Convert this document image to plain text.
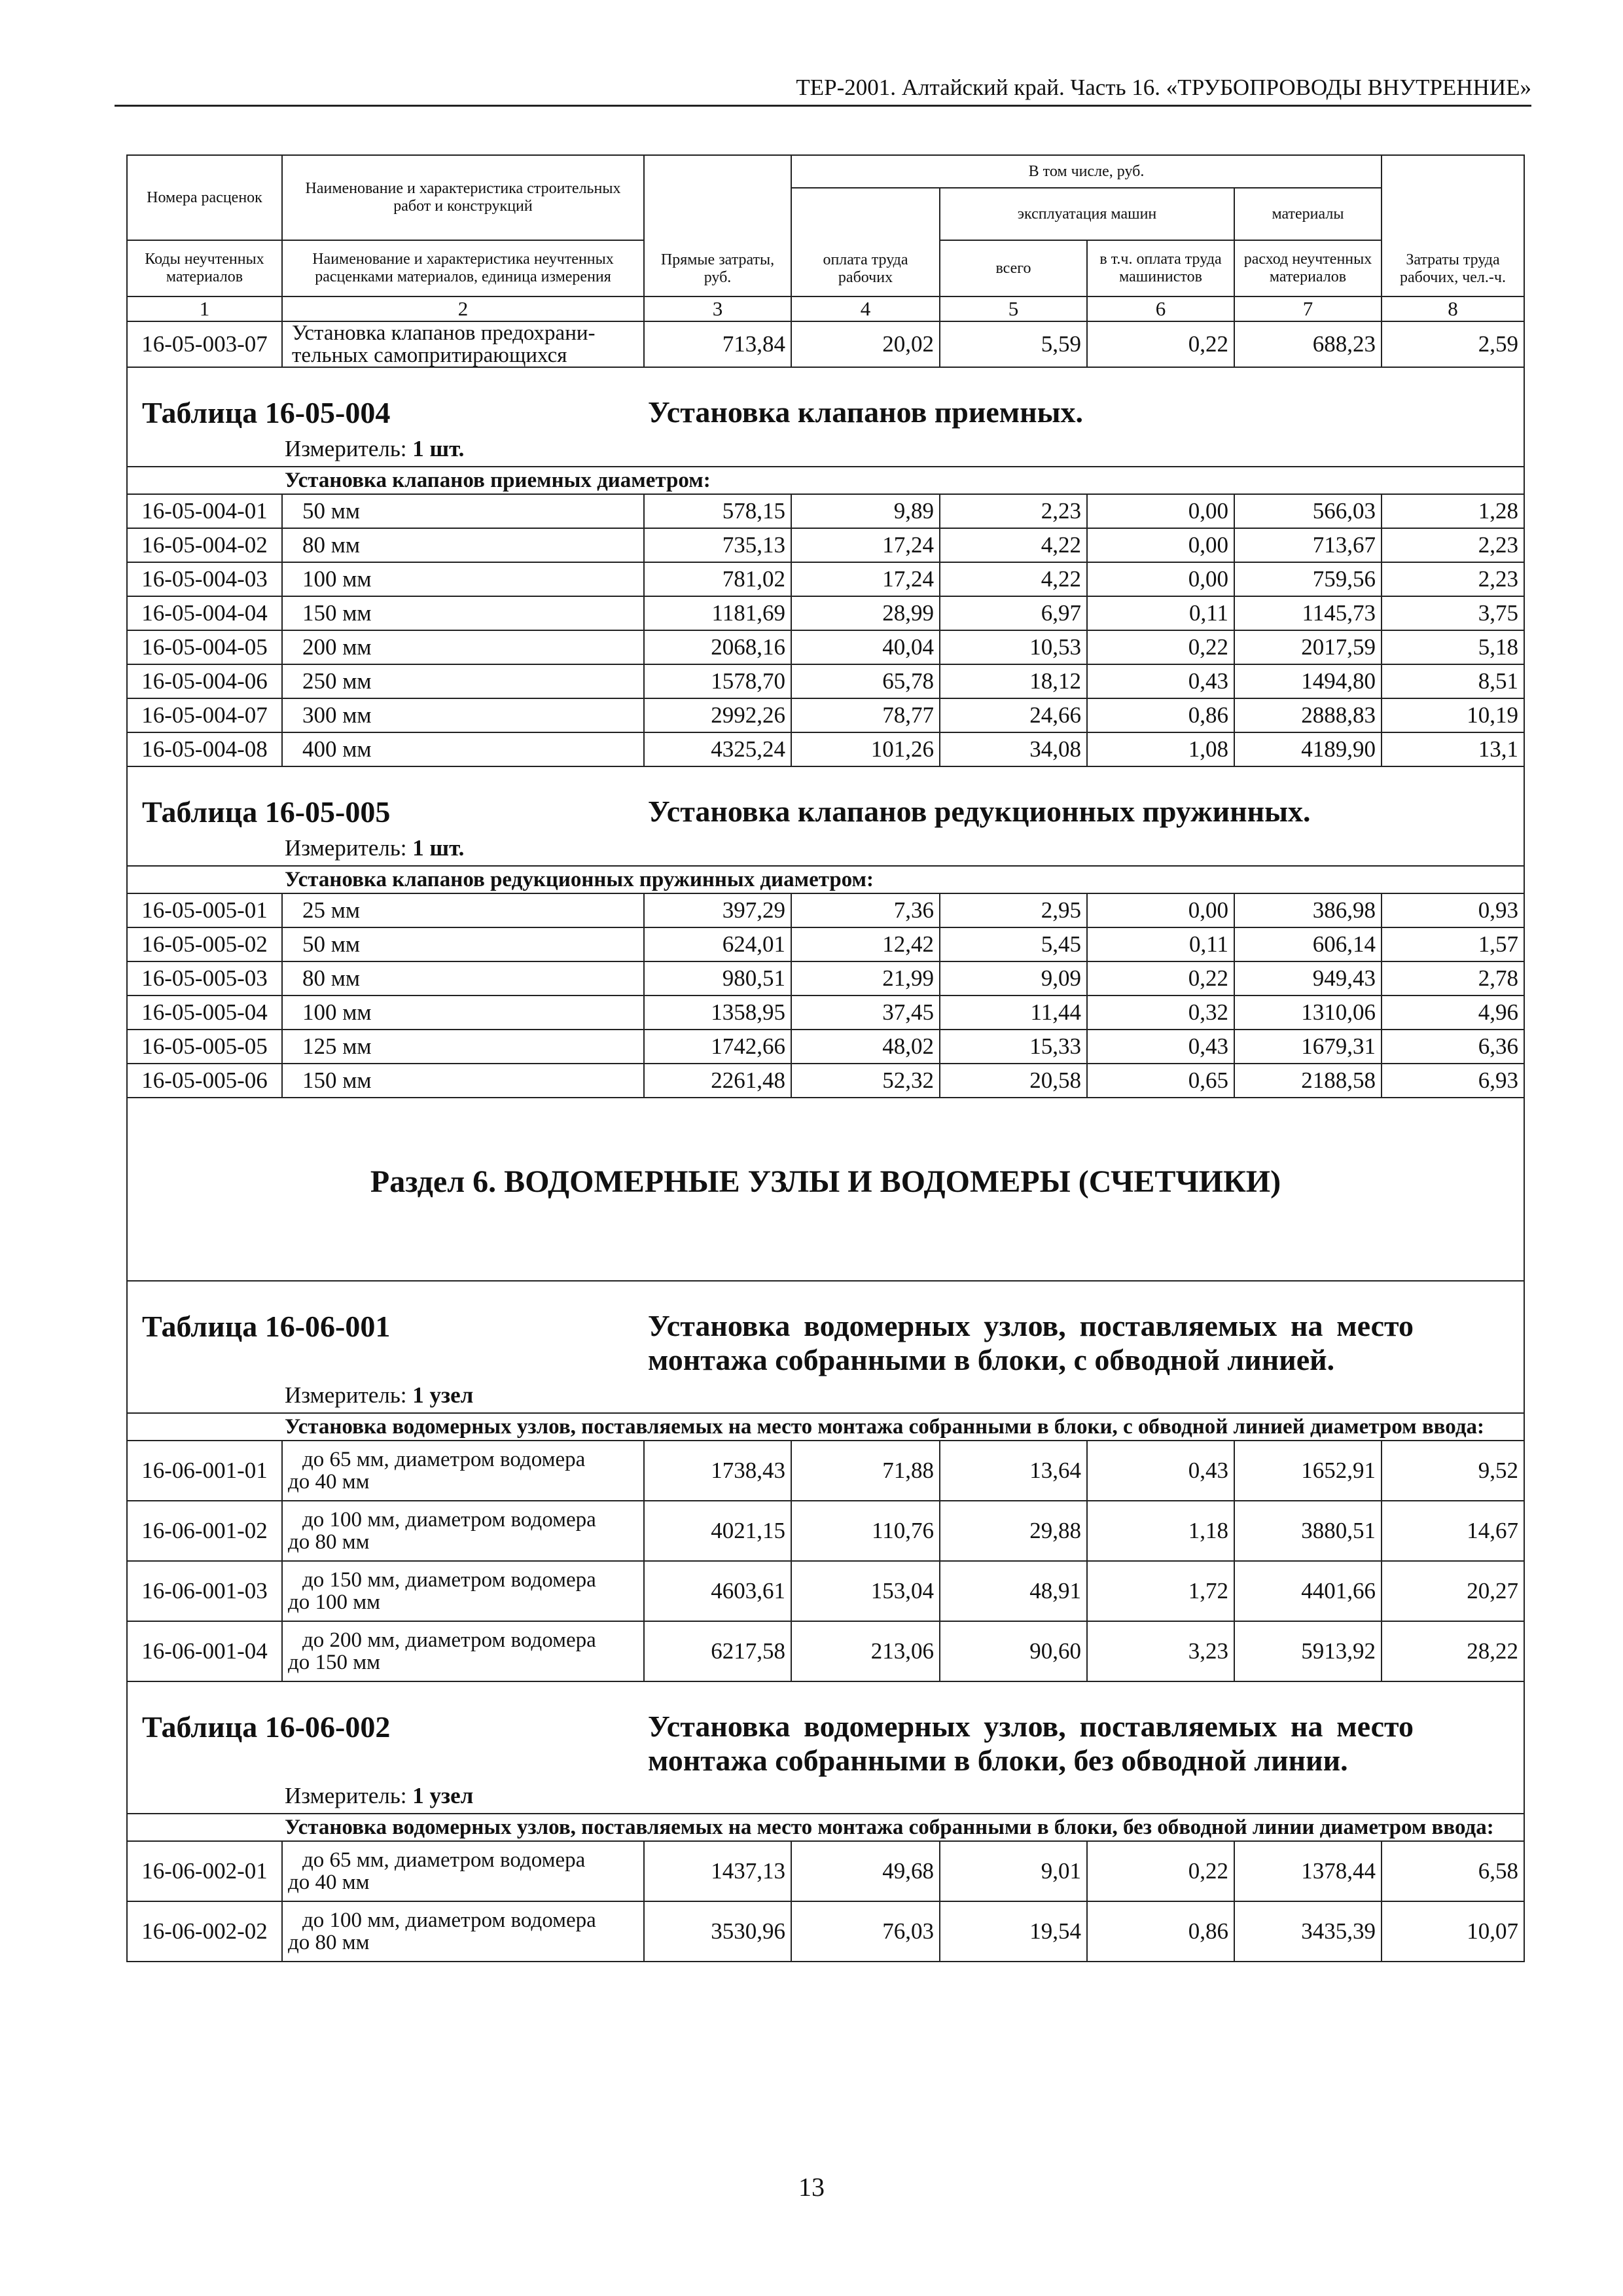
ТЕР-2001. Алтайский край. Часть 16. «ТРУБОПРОВОДЫ ВНУТРЕННИЕ»
Номера расценок	Наименование и характеристика строительных работ и конструкций	Прямые затраты, руб.	В том числе, руб.				Затраты труда рабочих, чел.-ч.
			оплата труда рабочих	эксплуатация машин		материалы	
Коды неучтенных материалов	Наименование и характеристика неучтенных расценками материалов, единица измерения			всего	в т.ч. оплата труда машинистов	расход неучтенных материалов	
1	2	3	4	5	6	7	8
16-05-003-07	Установка клапанов предохрани-
тельных самопритирающихся	713,84	20,02	5,59	0,22	688,23	2,59

Таблица 16-05-004 Установка клапанов приемных.
Измеритель: 1 шт.							

Установка клапанов приемных диаметром:							
16-05-004-01	50 мм	578,15	9,89	2,23	0,00	566,03	1,28
16-05-004-02	80 мм	735,13	17,24	4,22	0,00	713,67	2,23
16-05-004-03	100 мм	781,02	17,24	4,22	0,00	759,56	2,23
16-05-004-04	150 мм	1181,69	28,99	6,97	0,11	1145,73	3,75
16-05-004-05	200 мм	2068,16	40,04	10,53	0,22	2017,59	5,18
16-05-004-06	250 мм	1578,70	65,78	18,12	0,43	1494,80	8,51
16-05-004-07	300 мм	2992,26	78,77	24,66	0,86	2888,83	10,19
16-05-004-08	400 мм	4325,24	101,26	34,08	1,08	4189,90	13,1

Таблица 16-05-005 Установка клапанов редукционных пружинных.
Измеритель: 1 шт.							

Установка клапанов редукционных пружинных диаметром:							
16-05-005-01	25 мм	397,29	7,36	2,95	0,00	386,98	0,93
16-05-005-02	50 мм	624,01	12,42	5,45	0,11	606,14	1,57
16-05-005-03	80 мм	980,51	21,99	9,09	0,22	949,43	2,78
16-05-005-04	100 мм	1358,95	37,45	11,44	0,32	1310,06	4,96
16-05-005-05	125 мм	1742,66	48,02	15,33	0,43	1679,31	6,36
16-05-005-06	150 мм	2261,48	52,32	20,58	0,65	2188,58	6,93

Раздел 6. ВОДОМЕРНЫЕ УЗЛЫ И ВОДОМЕРЫ (СЧЕТЧИКИ)							

Таблица 16-06-001 Установка водомерных узлов, поставляемых на место монтажа собранными в блоки, с обводной линией.
Измеритель: 1 узел							

Установка водомерных узлов, поставляемых на место монтажа собранными в блоки, с обводной линией диаметром ввода:							
16-06-001-01	до 65 мм, диаметром водомера
до 40 мм	1738,43	71,88	13,64	0,43	1652,91	9,52
16-06-001-02	до 100 мм, диаметром водомера
до 80 мм	4021,15	110,76	29,88	1,18	3880,51	14,67
16-06-001-03	до 150 мм, диаметром водомера
до 100 мм	4603,61	153,04	48,91	1,72	4401,66	20,27
16-06-001-04	до 200 мм, диаметром водомера
до 150 мм	6217,58	213,06	90,60	3,23	5913,92	28,22

Таблица 16-06-002 Установка водомерных узлов, поставляемых на место монтажа собранными в блоки, без обводной линии.
Измеритель: 1 узел							

Установка водомерных узлов, поставляемых на место монтажа собранными в блоки, без обводной линии диаметром ввода:							
16-06-002-01	до 65 мм, диаметром водомера
до 40 мм	1437,13	49,68	9,01	0,22	1378,44	6,58
16-06-002-02	до 100 мм, диаметром водомера
до 80 мм	3530,96	76,03	19,54	0,86	3435,39	10,07
13
